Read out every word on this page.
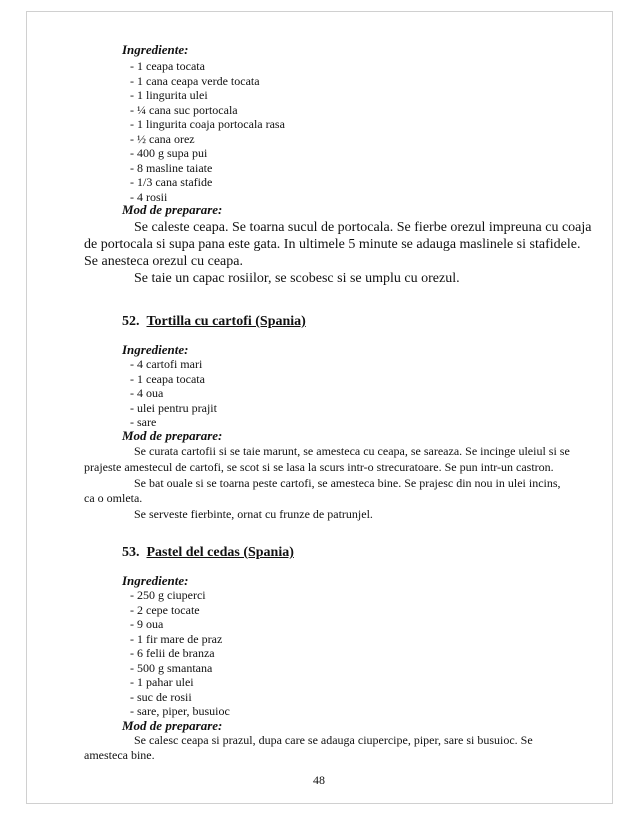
Ingrediente:

- 1 ceapa tocata
- 1 cana ceapa verde tocata
- 1 lingurita ulei
- ¼ cana suc portocala
- 1 lingurita coaja portocala rasa
- ½ cana orez
- 400 g supa pui
- 8 masline taiate
- 1/3 cana stafide
- 4 rosii

Mod de preparare:

Se caleste ceapa. Se toarna sucul de portocala. Se fierbe orezul impreuna cu coaja

de portocala si supa pana este gata. In ultimele 5 minute se adauga maslinele si stafidele.

Se anesteca orezul cu ceapa.

Se taie un capac rosiilor, se scobesc si se umplu cu orezul.

52. Tortilla cu cartofi (Spania)

Ingrediente:

- 4 cartofi mari
- 1 ceapa tocata
- 4 oua
- ulei pentru prajit
- sare

Mod de preparare:

Se curata cartofii si se taie marunt, se amesteca cu ceapa, se sareaza. Se incinge uleiul si se

prajeste amestecul de cartofi, se scot si se lasa la scurs intr-o strecuratoare. Se pun intr-un castron.

Se bat ouale si se toarna peste cartofi, se amesteca bine. Se prajesc din nou in ulei incins,

ca o omleta.

Se serveste fierbinte, ornat cu frunze de patrunjel.

53. Pastel del cedas (Spania)

Ingrediente:

- 250 g ciuperci
- 2 cepe tocate
- 9 oua
- 1 fir mare de praz
- 6 felii de branza
- 500 g smantana
- 1 pahar ulei
- suc de rosii
- sare, piper, busuioc

Mod de preparare:

Se calesc ceapa si prazul, dupa care se adauga ciupercipe, piper, sare si busuioc. Se

amesteca bine.

48
